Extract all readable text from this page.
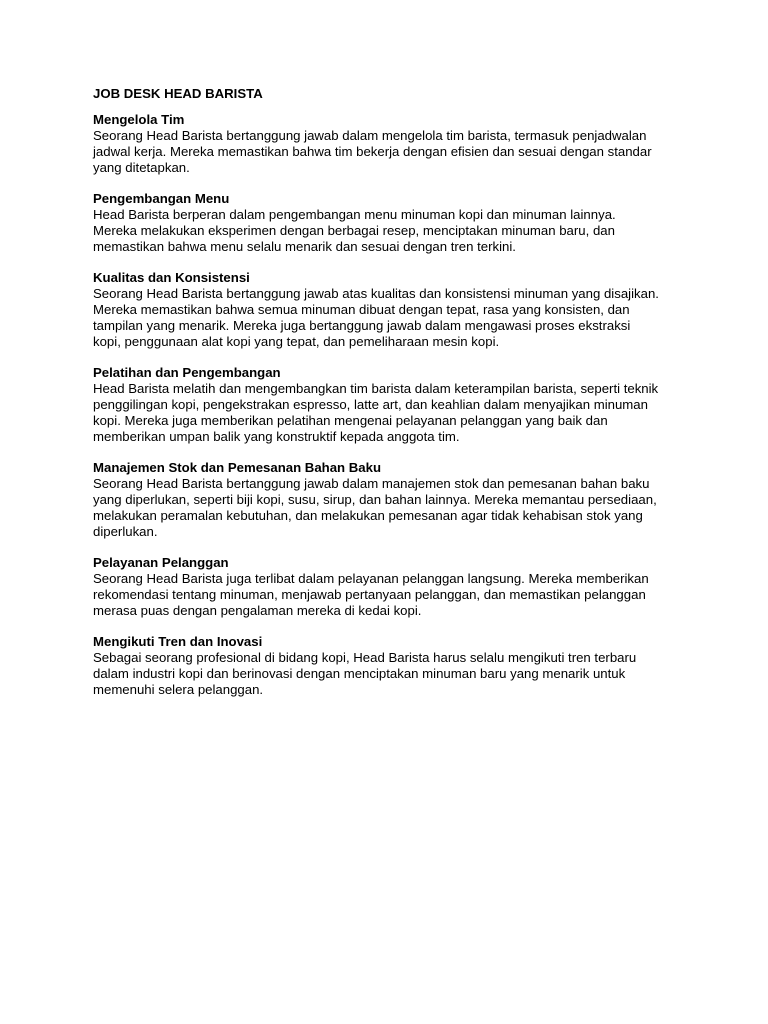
JOB DESK HEAD BARISTA
Mengelola Tim
Seorang Head Barista bertanggung jawab dalam mengelola tim barista, termasuk penjadwalan
jadwal kerja. Mereka memastikan bahwa tim bekerja dengan efisien dan sesuai dengan standar
yang ditetapkan.
Pengembangan Menu
Head Barista berperan dalam pengembangan menu minuman kopi dan minuman lainnya.
Mereka melakukan eksperimen dengan berbagai resep, menciptakan minuman baru, dan
memastikan bahwa menu selalu menarik dan sesuai dengan tren terkini.
Kualitas dan Konsistensi
Seorang Head Barista bertanggung jawab atas kualitas dan konsistensi minuman yang disajikan.
Mereka memastikan bahwa semua minuman dibuat dengan tepat, rasa yang konsisten, dan
tampilan yang menarik. Mereka juga bertanggung jawab dalam mengawasi proses ekstraksi
kopi, penggunaan alat kopi yang tepat, dan pemeliharaan mesin kopi.
Pelatihan dan Pengembangan
Head Barista melatih dan mengembangkan tim barista dalam keterampilan barista, seperti teknik
penggilingan kopi, pengekstrakan espresso, latte art, dan keahlian dalam menyajikan minuman
kopi. Mereka juga memberikan pelatihan mengenai pelayanan pelanggan yang baik dan
memberikan umpan balik yang konstruktif kepada anggota tim.
Manajemen Stok dan Pemesanan Bahan Baku
Seorang Head Barista bertanggung jawab dalam manajemen stok dan pemesanan bahan baku
yang diperlukan, seperti biji kopi, susu, sirup, dan bahan lainnya. Mereka memantau persediaan,
melakukan peramalan kebutuhan, dan melakukan pemesanan agar tidak kehabisan stok yang
diperlukan.
Pelayanan Pelanggan
Seorang Head Barista juga terlibat dalam pelayanan pelanggan langsung. Mereka memberikan
rekomendasi tentang minuman, menjawab pertanyaan pelanggan, dan memastikan pelanggan
merasa puas dengan pengalaman mereka di kedai kopi.
Mengikuti Tren dan Inovasi
Sebagai seorang profesional di bidang kopi, Head Barista harus selalu mengikuti tren terbaru
dalam industri kopi dan berinovasi dengan menciptakan minuman baru yang menarik untuk
memenuhi selera pelanggan.
